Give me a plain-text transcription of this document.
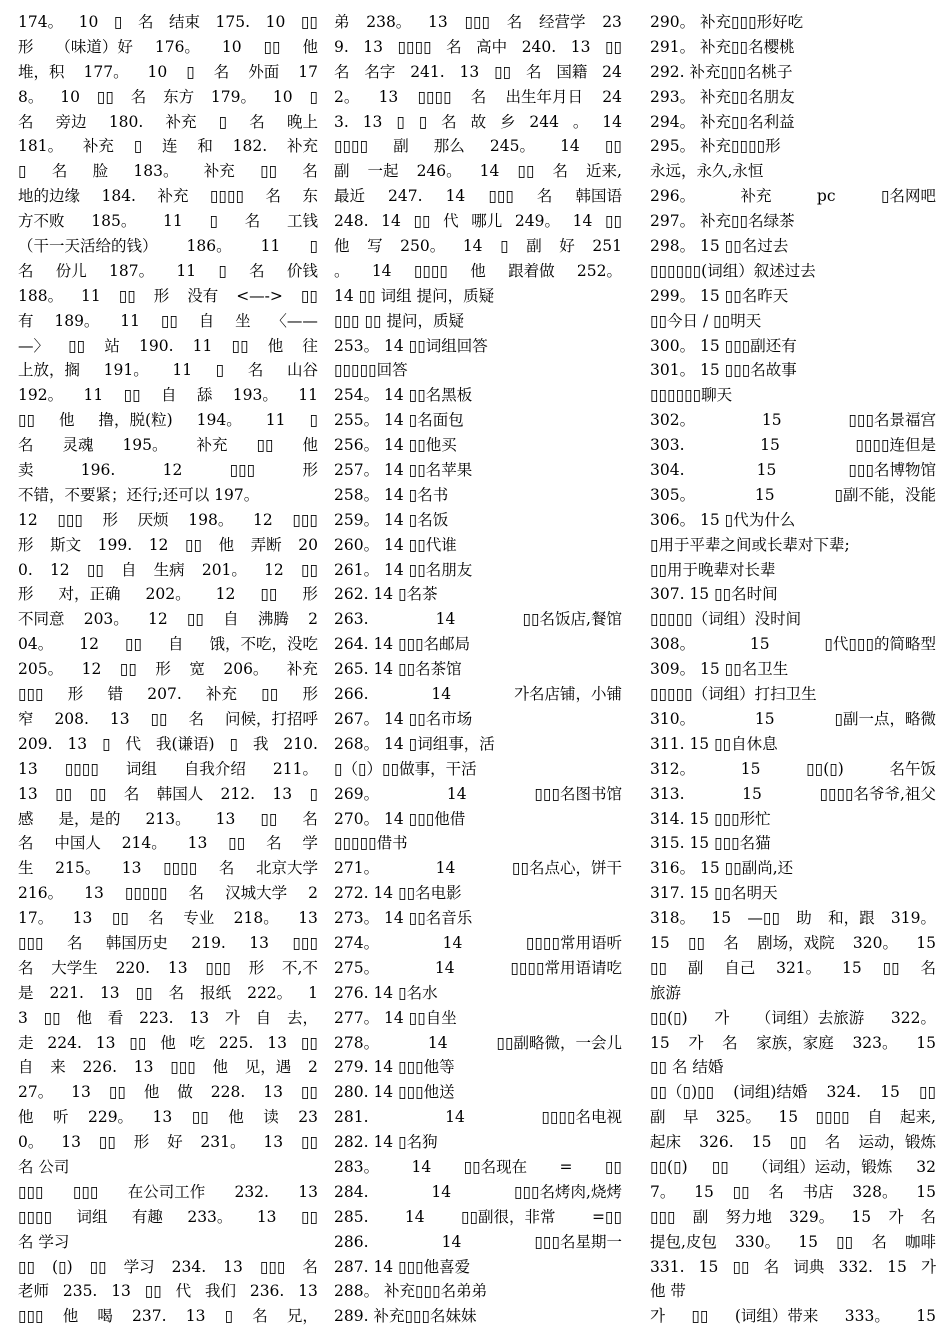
174。 10 ▯ 名 结束 175. 10 ▯▯
形 （味道）好 176。 10 ▯▯ 他
堆，积 177。 10 ▯ 名 外面 17
8。 10 ▯▯ 名 东方 179。 10 ▯
名 旁边 180. 补充 ▯ 名 晚上
181。 补充 ▯ 连 和 182. 补充
▯ 名 脸 183。 补充 ▯▯ 名
地的边缘 184. 补充 ▯▯▯▯ 名 东
方不败 185。 11 ▯ 名 工钱
（干一天活给的钱） 186。 11 ▯
名 份儿 187。 11 ▯ 名 价钱
188。 11 ▯▯ 形 没有 <—-> ▯▯
有 189。 11 ▯▯ 自 坐 〈——
—〉 ▯▯ 站 190. 11 ▯▯ 他 往
上放，搁 191。 11 ▯ 名 山谷
192。 11 ▯▯ 自 舔 193。 11
▯▯ 他 撸，脱(粒) 194。 11 ▯
名 灵魂 195。 补充 ▯▯ 他
卖	196.	12	▯▯▯	形
不错，不要紧；还行;还可以 197。
12 ▯▯▯ 形 厌烦 198。 12 ▯▯▯
形 斯文 199. 12 ▯▯ 他 弄断 20
0. 12 ▯▯ 自 生病 201。 12 ▯▯
形 对，正确 202。 12 ▯▯ 形
不同意 203。 12 ▯▯ 自 沸腾 2
04。 12 ▯▯ 自 饿，不吃，没吃
205。 12 ▯▯ 形 宽 206。 补充
▯▯▯ 形 错 207. 补充 ▯▯ 形
窄 208. 13 ▯▯ 名 问候，打招呼
209. 13 ▯ 代 我(谦语) ▯ 我 210.
13 ▯▯▯▯ 词组 自我介绍 211。
13 ▯▯ ▯▯ 名 韩国人 212. 13 ▯
感 是，是的 213。 13 ▯▯ 名
名 中国人 214。 13 ▯▯ 名 学
生 215。 13 ▯▯▯▯ 名 北京大学
216。 13 ▯▯▯▯▯ 名 汉城大学 2
17。 13 ▯▯ 名 专业 218。 13
▯▯▯ 名 韩国历史 219. 13 ▯▯▯
名 大学生 220. 13 ▯▯▯ 形 不,不
是 221. 13 ▯▯ 名 报纸 222。 1
3 ▯▯ 他 看 223. 13 가 自 去，
走 224. 13 ▯▯ 他 吃 225. 13 ▯▯
自 来 226. 13 ▯▯▯ 他 见，遇 2
27。 13 ▯▯ 他 做 228. 13 ▯▯
他 听 229。 13 ▯▯ 他 读 23
0。 13 ▯▯ 形 好 231。 13 ▯▯
名 公司
▯▯▯ ▯▯▯ 在公司工作 232. 13
▯▯▯▯ 词组 有趣 233。 13 ▯▯
名 学习
▯▯ (▯) ▯▯ 学习 234. 13 ▯▯▯ 名
老师 235. 13 ▯▯ 代 我们 236. 13
▯▯▯ 他 喝 237. 13 ▯ 名 兄，
弟 238。 13 ▯▯▯ 名 经营学 23
9. 13 ▯▯▯▯ 名 高中 240. 13 ▯▯
名 名字 241. 13 ▯▯ 名 国籍 24
2。 13 ▯▯▯▯ 名 出生年月日 24
3. 13 ▯ ▯ 名 故 乡 244 。 14
▯▯▯▯ 副 那么 245。 14 ▯▯
副 一起 246。 14 ▯▯ 名 近来,
最近 247. 14 ▯▯▯ 名 韩国语
248. 14 ▯▯ 代 哪儿 249。 14 ▯▯
他 写 250。 14 ▯ 副 好 251
。 14 ▯▯▯▯ 他 跟着做 252。
14 ▯▯ 词组 提问，质疑
▯▯▯ ▯▯ 提问，质疑
253。 14 ▯▯词组回答
▯▯▯▯▯回答
254。 14 ▯▯名黑板
255。 14 ▯名面包
256。 14 ▯▯他买
257。 14 ▯▯名苹果
258。 14 ▯名书
259。 14 ▯名饭
260。 14 ▯▯代谁
261。 14 ▯▯名朋友
262. 14 ▯名茶
263.	14	▯▯名饭店,餐馆
264. 14 ▯▯▯名邮局
265. 14 ▯▯名茶馆
266.	14	가名店铺，小铺
267。 14 ▯▯名市场
268。 14 ▯词组事，活
▯（▯）▯▯做事，干活
269。	14	▯▯▯名图书馆
270。 14 ▯▯▯他借
▯▯▯▯▯借书
271。	14	▯▯名点心，饼干
272. 14 ▯▯名电影
273。 14 ▯▯名音乐
274。	14	▯▯▯▯常用语听
275。	14	▯▯▯▯常用语请吃
276. 14 ▯名水
277。 14 ▯▯自坐
278。	14	▯▯副略微，一会儿
279. 14 ▯▯▯他等
280. 14 ▯▯▯他送
281.	14	▯▯▯▯名电视
282. 14 ▯名狗
283。 14 ▯▯名现在 = ▯▯
284.	14	▯▯▯名烤肉,烧烤
285. 14 ▯▯副很，非常 =▯▯
286.	14	▯▯▯名星期一
287. 14 ▯▯▯他喜爱
288。 补充▯▯▯名弟弟
289. 补充▯▯▯名妹妹
290。 补充▯▯▯形好吃
291。 补充▯▯名樱桃
292. 补充▯▯▯名桃子
293。 补充▯▯名朋友
294。 补充▯▯名利益
295。 补充▯▯▯▯形
永远，永久,永恒
296。	补充	pc	▯名网吧
297。 补充▯▯名绿茶
298。 15 ▯▯名过去
▯▯▯▯▯▯(词组）叙述过去
299。 15 ▯▯名昨天
▯▯今日 / ▯▯明天
300。 15 ▯▯▯副还有
301。 15 ▯▯▯名故事
▯▯▯▯▯▯聊天
302。	15	▯▯▯名景福宫
303.	15	▯▯▯▯连但是
304.	15	▯▯▯名博物馆
305。	15	▯副不能，没能
306。 15 ▯代为什么
▯用于平辈之间或长辈对下辈;
▯▯用于晚辈对长辈
307. 15 ▯▯名时间
▯▯▯▯▯（词组）没时间
308。	15	▯代▯▯▯的简略型
309。 15 ▯▯名卫生
▯▯▯▯▯（词组）打扫卫生
310。	15	▯副一点，略微
311. 15 ▯▯自休息
312。	15	▯▯(▯)	名午饭
313.	15	▯▯▯▯名爷爷,祖父
314. 15 ▯▯▯形忙
315. 15 ▯▯▯名猫
316。 15 ▯▯副尚,还
317. 15 ▯▯名明天
318。 15 —▯▯ 助 和，跟 319。
15 ▯▯ 名 剧场，戏院 320。 15
▯▯ 副 自己 321。 15 ▯▯ 名
旅游
▯▯(▯) 가 （词组）去旅游 322。
15 가 名 家族，家庭 323。 15
▯▯ 名 结婚
▯▯（▯)▯▯ (词组)结婚 324. 15 ▯▯
副 早 325。 15 ▯▯▯▯ 自 起来,
起床 326. 15 ▯▯ 名 运动，锻炼
▯▯(▯) ▯▯ （词组）运动，锻炼 32
7。 15 ▯▯ 名 书店 328。 15
▯▯▯ 副 努力地 329。 15 가 名
提包,皮包 330。 15 ▯▯ 名 咖啡
331. 15 ▯▯ 名 词典 332. 15 가
他 带
가 ▯▯ (词组）带来 333。 15
